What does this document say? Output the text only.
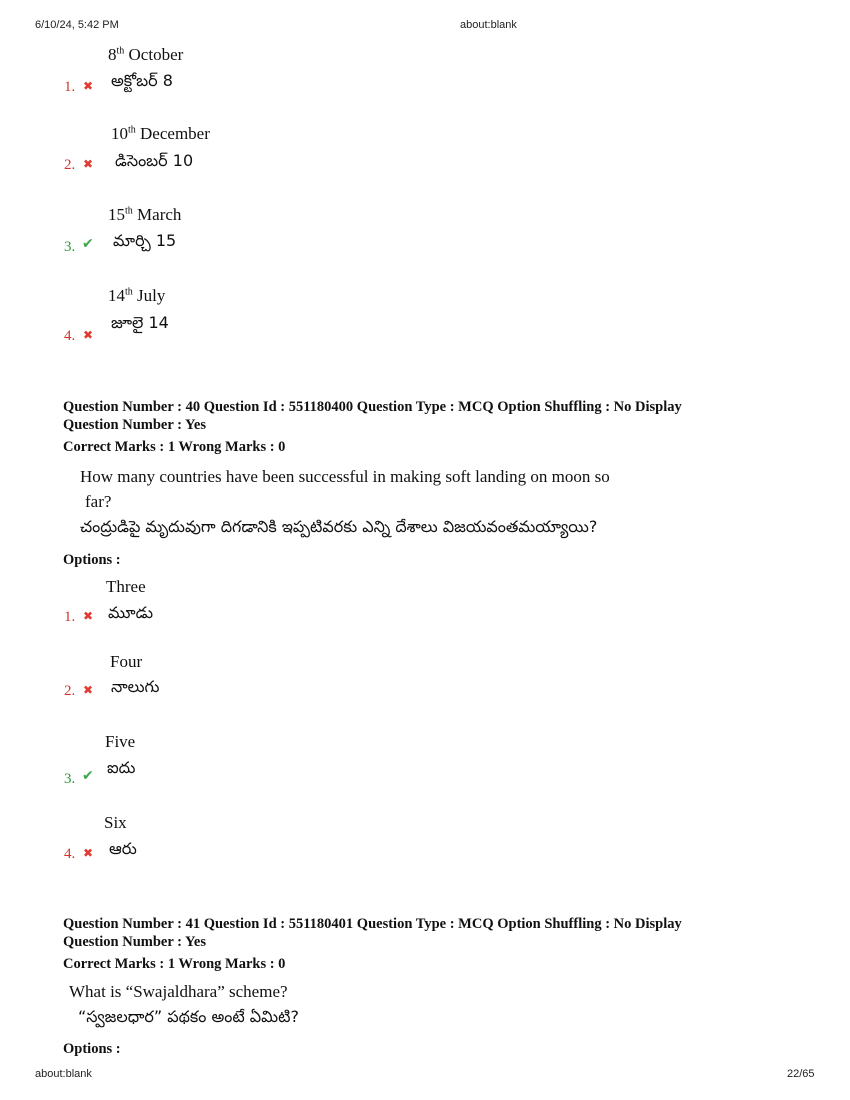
6/10/24, 5:42 PM	about:blank
8th October
అక్టోబర్ 8
1. ✖
10th December
డిసెంబర్ 10
2. ✖
15th March
మార్చి 15
3. ✔
14th July
జూలై 14
4. ✖
Question Number : 40 Question Id : 551180400 Question Type : MCQ Option Shuffling : No Display
Question Number : Yes
Correct Marks : 1 Wrong Marks : 0
How many countries have been successful in making soft landing on moon so
far?
చంద్రుడిపై మృదువుగా దిగడానికి ఇప్పటివరకు ఎన్ని దేశాలు విజయవంతమయ్యాయి?
Options :
Three
మూడు
1. ✖
Four
నాలుగు
2. ✖
Five
ఐదు
3. ✔
Six
ఆరు
4. ✖
Question Number : 41 Question Id : 551180401 Question Type : MCQ Option Shuffling : No Display
Question Number : Yes
Correct Marks : 1 Wrong Marks : 0
What is “Swajaldhara” scheme?
“స్వజలధార” పథకం అంటే ఏమిటి?
Options :
about:blank	22/65
